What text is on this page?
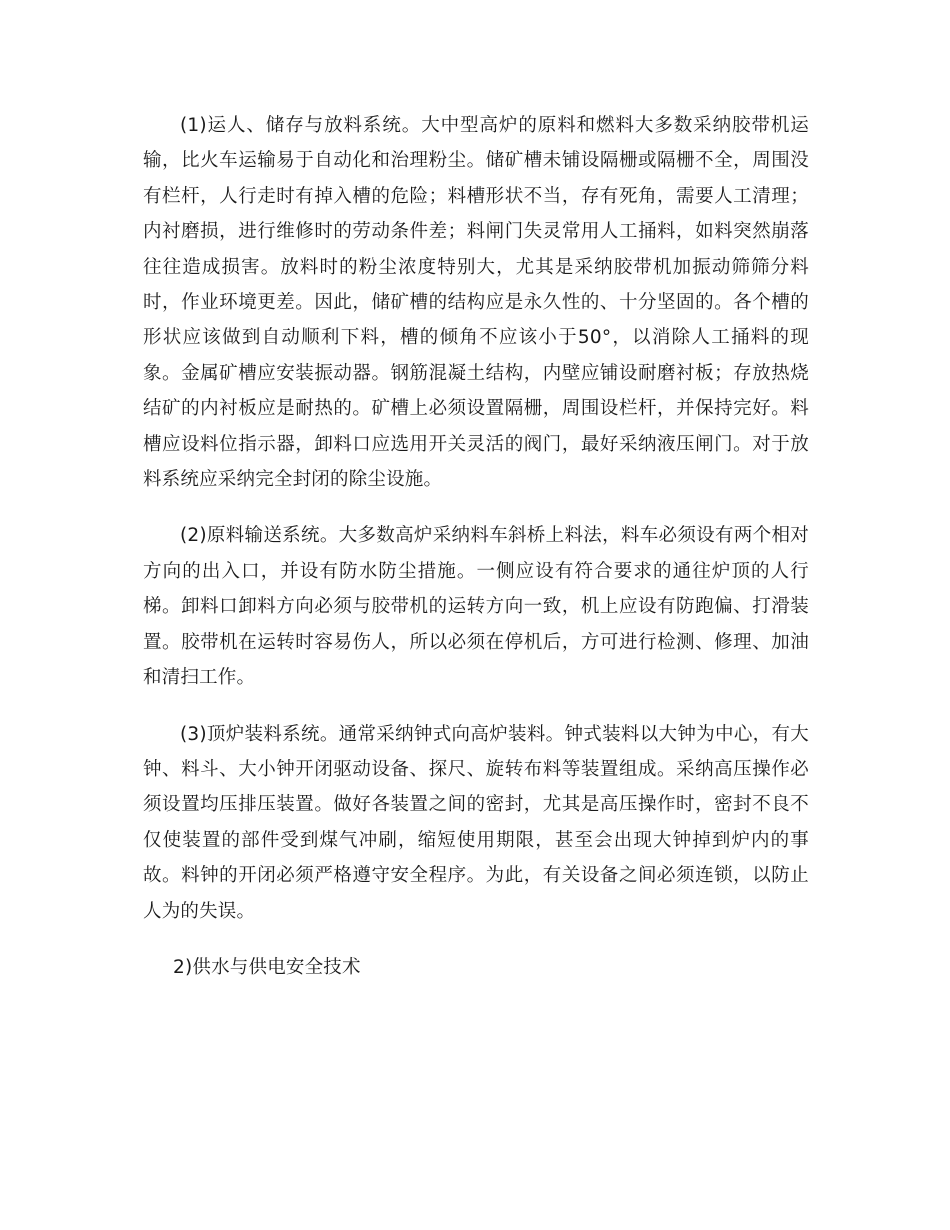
(1)运人、储存与放料系统。大中型高炉的原料和燃料大多数采纳胶带机运输，比火车运输易于自动化和治理粉尘。储矿槽未铺设隔栅或隔栅不全，周围没有栏杆，人行走时有掉入槽的危险；料槽形状不当，存有死角，需要人工清理；内衬磨损，进行维修时的劳动条件差；料闸门失灵常用人工捅料，如料突然崩落往往造成损害。放料时的粉尘浓度特别大，尤其是采纳胶带机加振动筛筛分料时，作业环境更差。因此，储矿槽的结构应是永久性的、十分坚固的。各个槽的形状应该做到自动顺利下料，槽的倾角不应该小于50°，以消除人工捅料的现象。金属矿槽应安装振动器。钢筋混凝土结构，内壁应铺设耐磨衬板；存放热烧结矿的内衬板应是耐热的。矿槽上必须设置隔栅，周围设栏杆，并保持完好。料槽应设料位指示器，卸料口应选用开关灵活的阀门，最好采纳液压闸门。对于放料系统应采纳完全封闭的除尘设施。

(2)原料输送系统。大多数高炉采纳料车斜桥上料法，料车必须设有两个相对方向的出入口，并设有防水防尘措施。一侧应设有符合要求的通往炉顶的人行梯。卸料口卸料方向必须与胶带机的运转方向一致，机上应设有防跑偏、打滑装置。胶带机在运转时容易伤人，所以必须在停机后，方可进行检测、修理、加油和清扫工作。

(3)顶炉装料系统。通常采纳钟式向高炉装料。钟式装料以大钟为中心，有大钟、料斗、大小钟开闭驱动设备、探尺、旋转布料等装置组成。采纳高压操作必须设置均压排压装置。做好各装置之间的密封，尤其是高压操作时，密封不良不仅使装置的部件受到煤气冲刷，缩短使用期限，甚至会出现大钟掉到炉内的事故。料钟的开闭必须严格遵守安全程序。为此，有关设备之间必须连锁，以防止人为的失误。

2)供水与供电安全技术
